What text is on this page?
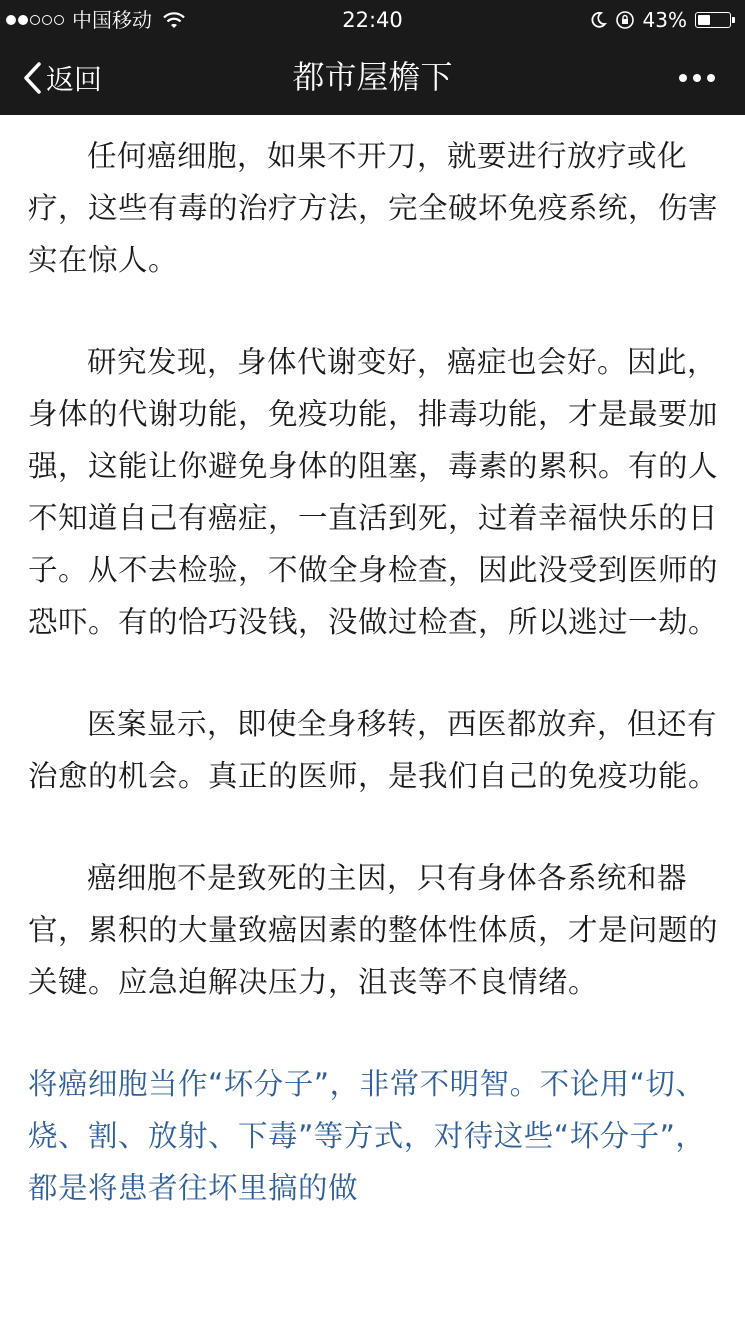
中国移动	22:40	43%
返回	都市屋檐下

任何癌细胞，如果不开刀，就要进行放疗或化疗，这些有毒的治疗方法，完全破坏免疫系统，伤害实在惊人。

研究发现，身体代谢变好，癌症也会好。因此，身体的代谢功能，免疫功能，排毒功能，才是最要加强，这能让你避免身体的阻塞，毒素的累积。有的人不知道自己有癌症，一直活到死，过着幸福快乐的日子。从不去检验，不做全身检查，因此没受到医师的恐吓。有的恰巧没钱，没做过检查，所以逃过一劫。

医案显示，即使全身移转，西医都放弃，但还有治愈的机会。真正的医师，是我们自己的免疫功能。

癌细胞不是致死的主因，只有身体各系统和器官，累积的大量致癌因素的整体性体质，才是问题的关键。应急迫解决压力，沮丧等不良情绪。

将癌细胞当作“坏分子”，非常不明智。不论用“切、烧、割、放射、下毒”等方式，对待这些“坏分子”，都是将患者往坏里搞的做
